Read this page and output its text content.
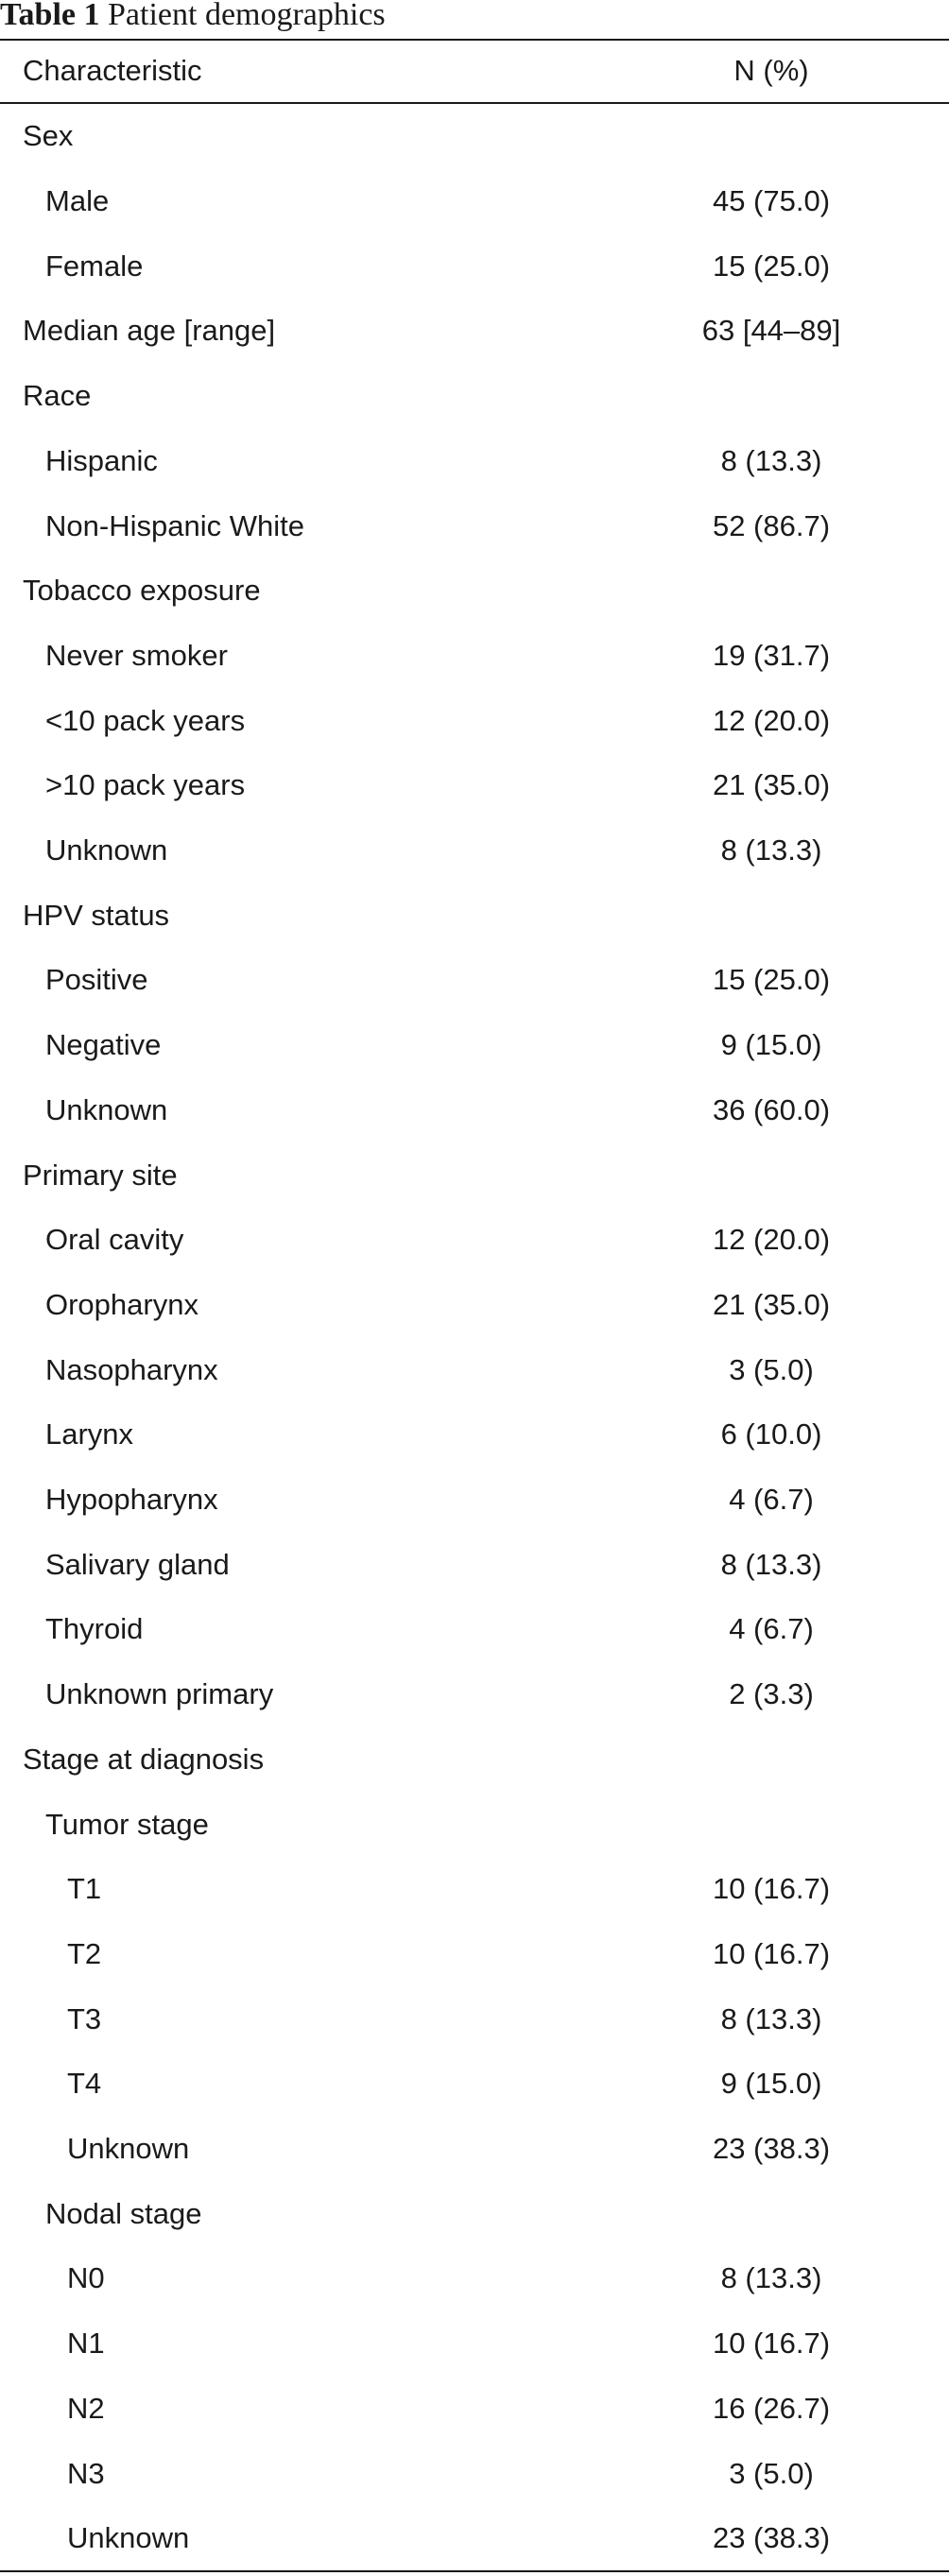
Table 1 Patient demographics
Characteristic	N (%)
Sex
Male	45 (75.0)
Female	15 (25.0)
Median age [range]	63 [44–89]
Race
Hispanic	8 (13.3)
Non-Hispanic White	52 (86.7)
Tobacco exposure
Never smoker	19 (31.7)
<10 pack years	12 (20.0)
>10 pack years	21 (35.0)
Unknown	8 (13.3)
HPV status
Positive	15 (25.0)
Negative	9 (15.0)
Unknown	36 (60.0)
Primary site
Oral cavity	12 (20.0)
Oropharynx	21 (35.0)
Nasopharynx	3 (5.0)
Larynx	6 (10.0)
Hypopharynx	4 (6.7)
Salivary gland	8 (13.3)
Thyroid	4 (6.7)
Unknown primary	2 (3.3)
Stage at diagnosis
Tumor stage
T1	10 (16.7)
T2	10 (16.7)
T3	8 (13.3)
T4	9 (15.0)
Unknown	23 (38.3)
Nodal stage
N0	8 (13.3)
N1	10 (16.7)
N2	16 (26.7)
N3	3 (5.0)
Unknown	23 (38.3)
